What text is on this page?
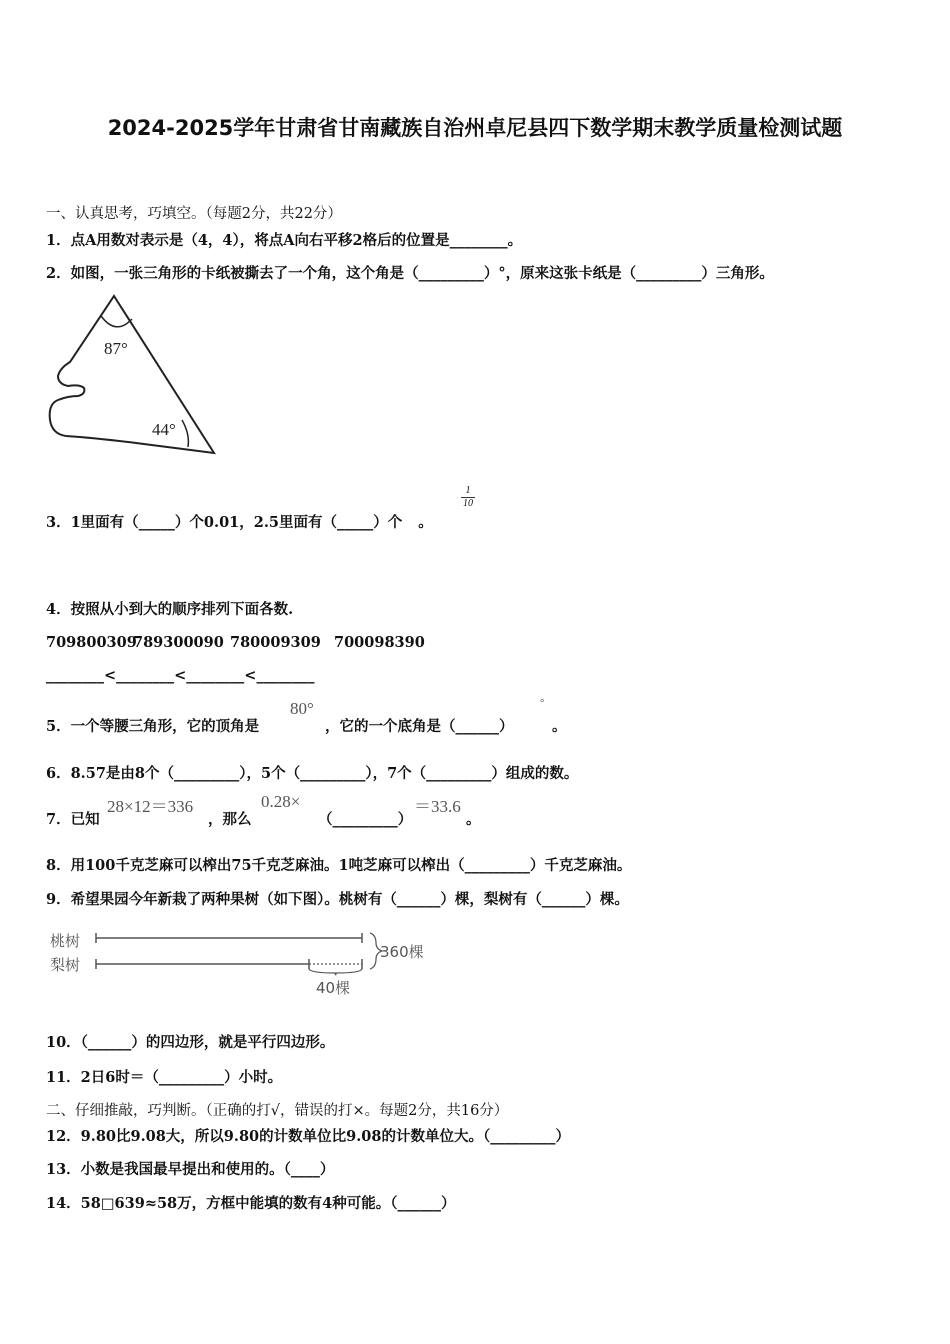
2024-2025学年甘肃省甘南藏族自治州卓尼县四下数学期末教学质量检测试题
一、认真思考，巧填空。（每题2分，共22分）
1．点A用数对表示是（4，4），将点A向右平移2格后的位置是________。
2．如图，一张三角形的卡纸被撕去了一个角，这个角是（_________）°，原来这张卡纸是（_________）三角形。
87°
44°
3．1里面有（_____）个0.01，2.5里面有（_____）个 。
$\frac{1}{10}$
4．按照从小到大的顺序排列下面各数.
709800309
789300090 780009309 700098390
________<________<________<________
5．一个等腰三角形，它的顶角是
80°
，它的一个底角是（______）
°
。
6．8.57是由8个（_________），5个（_________），7个（_________）组成的数。
7．已知
28×12＝336
，那么
0.28×
（_________）
＝33.6
。
8．用100千克芝麻可以榨出75千克芝麻油。1吨芝麻可以榨出（_________）千克芝麻油。
9．希望果园今年新栽了两种果树（如下图）。桃树有（______）棵，梨树有（______）棵。
桃树
梨树
360棵
40棵
10．（______）的四边形，就是平行四边形。
11．2日6时＝（_________）小时。
二、仔细推敲，巧判断。（正确的打√，错误的打×。每题2分，共16分）
12．9.80比9.08大，所以9.80的计数单位比9.08的计数单位大。（_________）
13．小数是我国最早提出和使用的。（____）
14．58□639≈58万，方框中能填的数有4种可能。（______）
